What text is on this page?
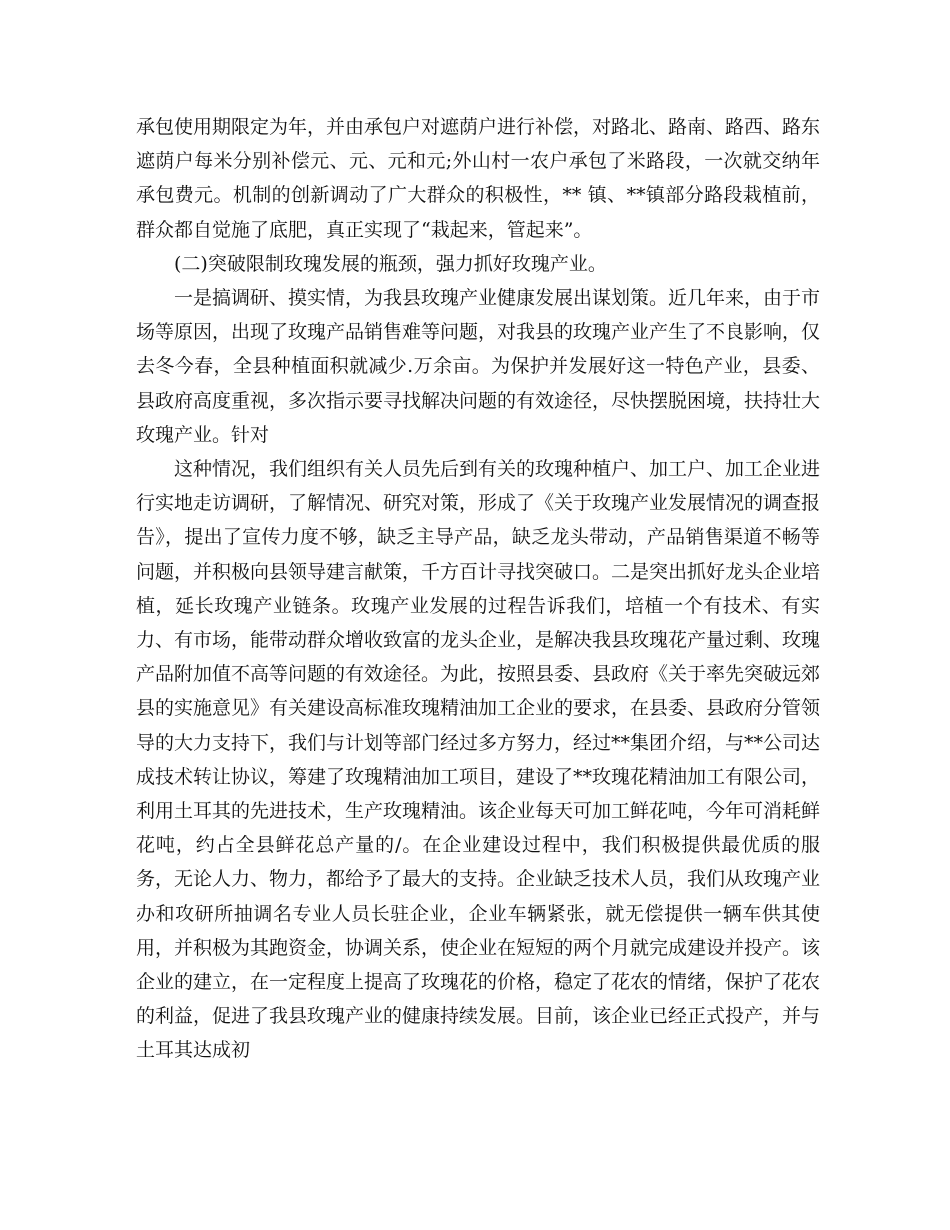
承包使用期限定为年，并由承包户对遮荫户进行补偿，对路北、路南、路西、路东遮荫户每米分别补偿元、元、元和元;外山村一农户承包了米路段，一次就交纳年承包费元。机制的创新调动了广大群众的积极性，** 镇、**镇部分路段栽植前，群众都自觉施了底肥，真正实现了“栽起来，管起来”。

(二)突破限制玫瑰发展的瓶颈，强力抓好玫瑰产业。

一是搞调研、摸实情，为我县玫瑰产业健康发展出谋划策。近几年来，由于市场等原因，出现了玫瑰产品销售难等问题，对我县的玫瑰产业产生了不良影响，仅去冬今春，全县种植面积就减少.万余亩。为保护并发展好这一特色产业，县委、县政府高度重视，多次指示要寻找解决问题的有效途径，尽快摆脱困境，扶持壮大玫瑰产业。针对

这种情况，我们组织有关人员先后到有关的玫瑰种植户、加工户、加工企业进行实地走访调研，了解情况、研究对策，形成了《关于玫瑰产业发展情况的调查报告》，提出了宣传力度不够，缺乏主导产品，缺乏龙头带动，产品销售渠道不畅等问题，并积极向县领导建言献策，千方百计寻找突破口。二是突出抓好龙头企业培植，延长玫瑰产业链条。玫瑰产业发展的过程告诉我们，培植一个有技术、有实力、有市场，能带动群众增收致富的龙头企业，是解决我县玫瑰花产量过剩、玫瑰产品附加值不高等问题的有效途径。为此，按照县委、县政府《关于率先突破远郊县的实施意见》有关建设高标准玫瑰精油加工企业的要求，在县委、县政府分管领导的大力支持下，我们与计划等部门经过多方努力，经过**集团介绍，与**公司达成技术转让协议，筹建了玫瑰精油加工项目，建设了**玫瑰花精油加工有限公司，利用土耳其的先进技术，生产玫瑰精油。该企业每天可加工鲜花吨，今年可消耗鲜花吨，约占全县鲜花总产量的/。在企业建设过程中，我们积极提供最优质的服务，无论人力、物力，都给予了最大的支持。企业缺乏技术人员，我们从玫瑰产业办和攻研所抽调名专业人员长驻企业，企业车辆紧张，就无偿提供一辆车供其使用，并积极为其跑资金，协调关系，使企业在短短的两个月就完成建设并投产。该企业的建立，在一定程度上提高了玫瑰花的价格，稳定了花农的情绪，保护了花农的利益，促进了我县玫瑰产业的健康持续发展。目前，该企业已经正式投产，并与土耳其达成初
